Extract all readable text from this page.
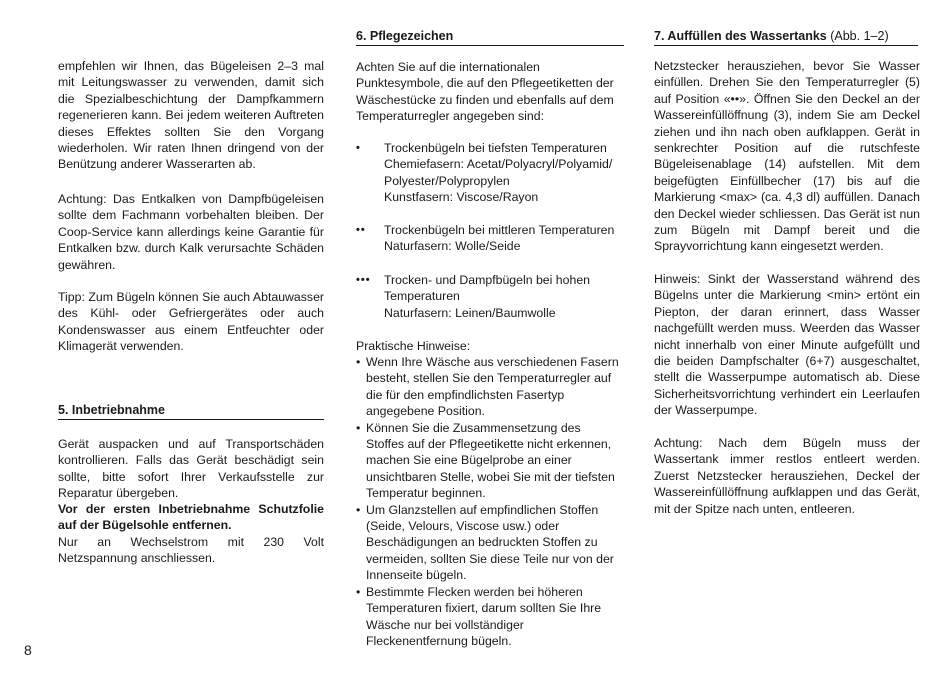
empfehlen wir Ihnen, das Bügeleisen 2–3 mal mit Leitungswasser zu verwenden, damit sich die Spezialbeschichtung der Dampfkammern regenerieren kann. Bei jedem weiteren Auftreten dieses Effektes sollten Sie den Vorgang wiederholen. Wir raten Ihnen dringend von der Benützung anderer Wasserarten ab.

Achtung: Das Entkalken von Dampfbügeleisen sollte dem Fachmann vorbehalten bleiben. Der Coop-Service kann allerdings keine Garantie für Entkalken bzw. durch Kalk verursachte Schäden gewähren.

Tipp: Zum Bügeln können Sie auch Abtauwasser des Kühl- oder Gefriergerätes oder auch Kondenswasser aus einem Entfeuchter oder Klimagerät verwenden.

5. Inbetriebnahme

Gerät auspacken und auf Transportschäden kontrollieren. Falls das Gerät beschädigt sein sollte, bitte sofort Ihrer Verkaufsstelle zur Reparatur übergeben.

Vor der ersten Inbetriebnahme Schutzfolie auf der Bügelsohle entfernen.

Nur an Wechselstrom mit 230 Volt Netzspannung anschliessen.

6. Pflegezeichen

Achten Sie auf die internationalen Punktesymbole, die auf den Pflegeetiketten der Wäschestücke zu finden und ebenfalls auf dem Temperaturregler angegeben sind:

• Trockenbügeln bei tiefsten Temperaturen

Chemiefasern: Acetat/Polyacryl/Polyamid/ Polyester/Polypropylen

Kunstfasern: Viscose/Rayon

•• Trockenbügeln bei mittleren Temperaturen

Naturfasern: Wolle/Seide

••• Trocken- und Dampfbügeln bei hohen Temperaturen

Naturfasern: Leinen/Baumwolle

Praktische Hinweise:

• Wenn Ihre Wäsche aus verschiedenen Fasern besteht, stellen Sie den Temperaturregler auf die für den empfindlichsten Fasertyp angegebene Position.

• Können Sie die Zusammensetzung des Stoffes auf der Pflegeetikette nicht erkennen, machen Sie eine Bügelprobe an einer unsichtbaren Stelle, wobei Sie mit der tiefsten Temperatur beginnen.

• Um Glanzstellen auf empfindlichen Stoffen (Seide, Velours, Viscose usw.) oder Beschädigungen an bedruckten Stoffen zu vermeiden, sollten Sie diese Teile nur von der Innenseite bügeln.

• Bestimmte Flecken werden bei höheren Temperaturen fixiert, darum sollten Sie Ihre Wäsche nur bei vollständiger Fleckenentfernung bügeln.

7. Auffüllen des Wassertanks (Abb. 1–2)

Netzstecker herausziehen, bevor Sie Wasser einfüllen. Drehen Sie den Temperaturregler (5) auf Position «••». Öffnen Sie den Deckel an der Wassereinfüllöffnung (3), indem Sie am Deckel ziehen und ihn nach oben aufklappen. Gerät in senkrechter Position auf die rutschfeste Bügeleisenablage (14) aufstellen. Mit dem beigefügten Einfüllbecher (17) bis auf die Markierung <max> (ca. 4,3 dl) auffüllen. Danach den Deckel wieder schliessen. Das Gerät ist nun zum Bügeln mit Dampf bereit und die Sprayvorrichtung kann eingesetzt werden.

Hinweis: Sinkt der Wasserstand während des Bügelns unter die Markierung <min> ertönt ein Piepton, der daran erinnert, dass Wasser nachgefüllt werden muss. Weerden das Wasser nicht innerhalb von einer Minute aufgefüllt und die beiden Dampfschalter (6+7) ausgeschaltet, stellt die Wasserpumpe automatisch ab. Diese Sicherheitsvorrichtung verhindert ein Leerlaufen der Wasserpumpe.

Achtung: Nach dem Bügeln muss der Wassertank immer restlos entleert werden. Zuerst Netzstecker herausziehen, Deckel der Wassereinfüllöffnung aufklappen und das Gerät, mit der Spitze nach unten, entleeren.

8
